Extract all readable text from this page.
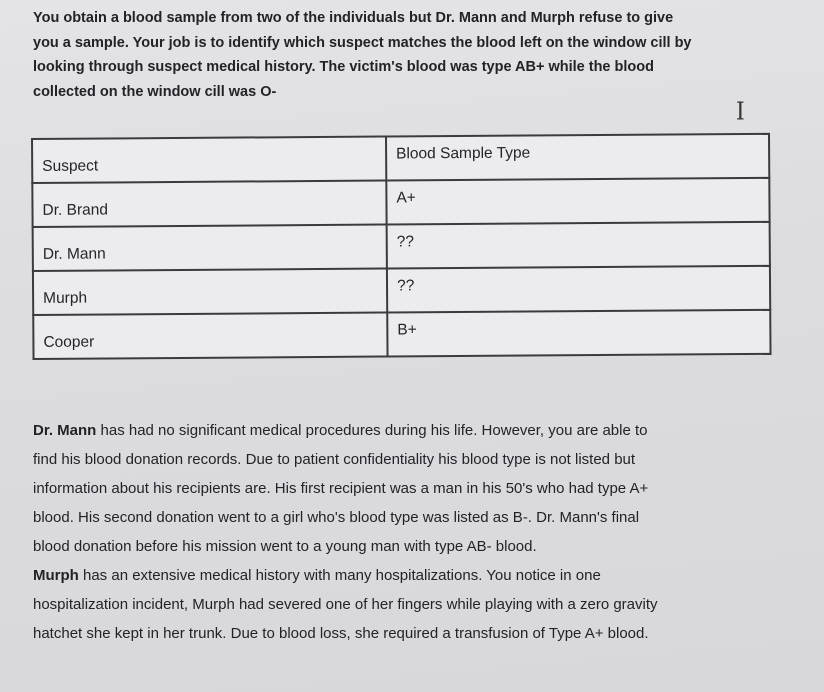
You obtain a blood sample from two of the individuals but Dr. Mann and Murph refuse to give

you a sample. Your job is to identify which suspect matches the blood left on the window cill by

looking through suspect medical history. The victim's blood was type AB+ while the blood

collected on the window cill was O-

I
Suspect	Blood Sample Type

Dr. Brand	A+

Dr. Mann	??

Murph	??

Cooper	B+

Dr. Mann has had no significant medical procedures during his life. However, you are able to

find his blood donation records. Due to patient confidentiality his blood type is not listed but

information about his recipients are. His first recipient was a man in his 50's who had type A+

blood. His second donation went to a girl who's blood type was listed as B-. Dr. Mann's final

blood donation before his mission went to a young man with type AB- blood.

Murph has an extensive medical history with many hospitalizations. You notice in one

hospitalization incident, Murph had severed one of her fingers while playing with a zero gravity

hatchet she kept in her trunk. Due to blood loss, she required a transfusion of Type A+ blood.
